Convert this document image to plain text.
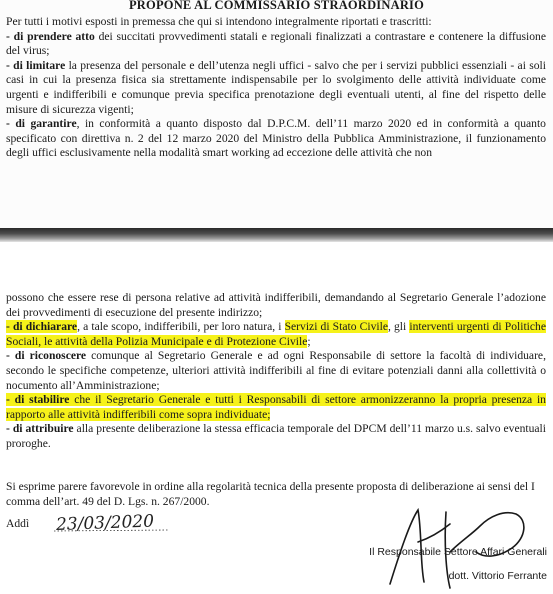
PROPONE AL COMMISSARIO STRAORDINARIO

Per tutti i motivi esposti in premessa che qui si intendono integralmente riportati e trascritti:

- di prendere atto dei succitati provvedimenti statali e regionali finalizzati a contrastare e contenere la diffusione del virus;

- di limitare la presenza del personale e dell’utenza negli uffici - salvo che per i servizi pubblici essenziali - ai soli casi in cui la presenza fisica sia strettamente indispensabile per lo svolgimento delle attività individuate come urgenti e indifferibili e comunque previa specifica prenotazione degli eventuali utenti, al fine del rispetto delle misure di sicurezza vigenti;

- di garantire, in conformità a quanto disposto dal D.P.C.M. dell’11 marzo 2020 ed in conformità a quanto specificato con direttiva n. 2 del 12 marzo 2020 del Ministro della Pubblica Amministrazione, il funzionamento degli uffici esclusivamente nella modalità smart working ad eccezione delle attività che non

possono che essere rese di persona relative ad attività indifferibili, demandando al Segretario Generale l’adozione dei provvedimenti di esecuzione del presente indirizzo;

- di dichiarare, a tale scopo, indifferibili, per loro natura, i Servizi di Stato Civile, gli interventi urgenti di Politiche Sociali, le attività della Polizia Municipale e di Protezione Civile;

- di riconoscere comunque al Segretario Generale e ad ogni Responsabile di settore la facoltà di individuare, secondo le specifiche competenze, ulteriori attività indifferibili al fine di evitare potenziali danni alla collettività o nocumento all’Amministrazione;

- di stabilire che il Segretario Generale e tutti i Responsabili di settore armonizzeranno la propria presenza in rapporto alle attività indifferibili come sopra individuate;

- di attribuire alla presente deliberazione la stessa efficacia temporale del DPCM dell’11 marzo u.s. salvo eventuali proroghe.

Si esprime parere favorevole in ordine alla regolarità tecnica della presente proposta di deliberazione ai sensi del I comma dell’art. 49 del D. Lgs. n. 267/2000.
Addì 23/03/2020
Il Responsabile Settore Affari Generali
dott. Vittorio Ferrante
